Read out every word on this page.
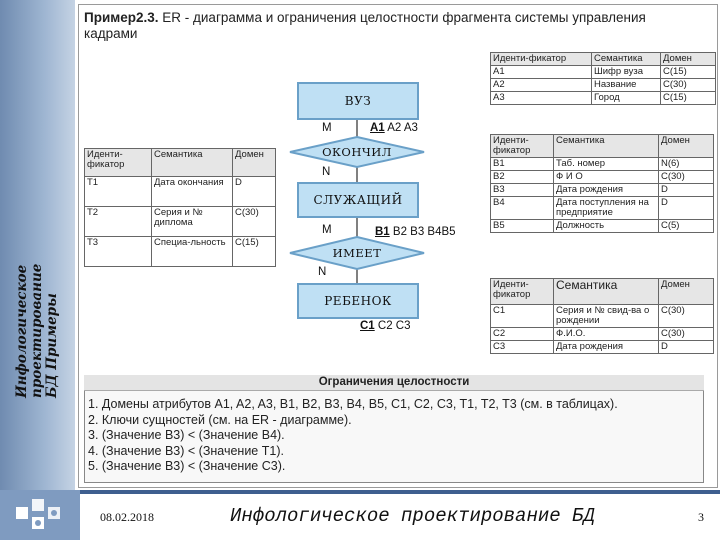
Инфологическое проектирование БД Примеры
Пример2.3. ER - диаграмма и ограничения целостности фрагмента системы управления кадрами
Иденти-фикатор	Семантика	Домен
A1	Шифр вуза	C(15)
A2	Название	C(30)
A3	Город	C(15)
Иденти-фикатор	Семантика	Домен
T1	Дата окончания	D
T2	Серия и № диплома	C(30)
T3	Специа-льность	C(15)
Иденти-фикатор	Семантика	Домен
B1	Таб. номер	N(6)
B2	Ф И О	C(30)
B3	Дата рождения	D
B4	Дата поступления на предприятие	D
B5	Должность	C(5)
Иденти-фикатор	Семантика	Домен
C1	Серия и № свид-ва о рождении	C(30)
C2	Ф.И.О.	C(30)
C3	Дата рождения	D
ОКОНЧИЛ
ИМЕЕТ
ВУЗ
СЛУЖАЩИЙ
РЕБЕНОК
M	A1 A2 A3
N
M	B1 B2 B3 B4B5
N
C1 C2 C3
Ограничения целостности
1. Домены атрибутов A1, A2, A3, B1, B2, B3, B4, B5, C1, C2, C3, T1, T2, T3 (см. в таблицах).
2. Ключи сущностей (см. на ER - диаграмме).
3. (Значение B3) < (Значение B4).
4. (Значение B3) < (Значение T1).
5. (Значение B3) < (Значение C3).
08.02.2018	Инфологическое проектирование БД	3
